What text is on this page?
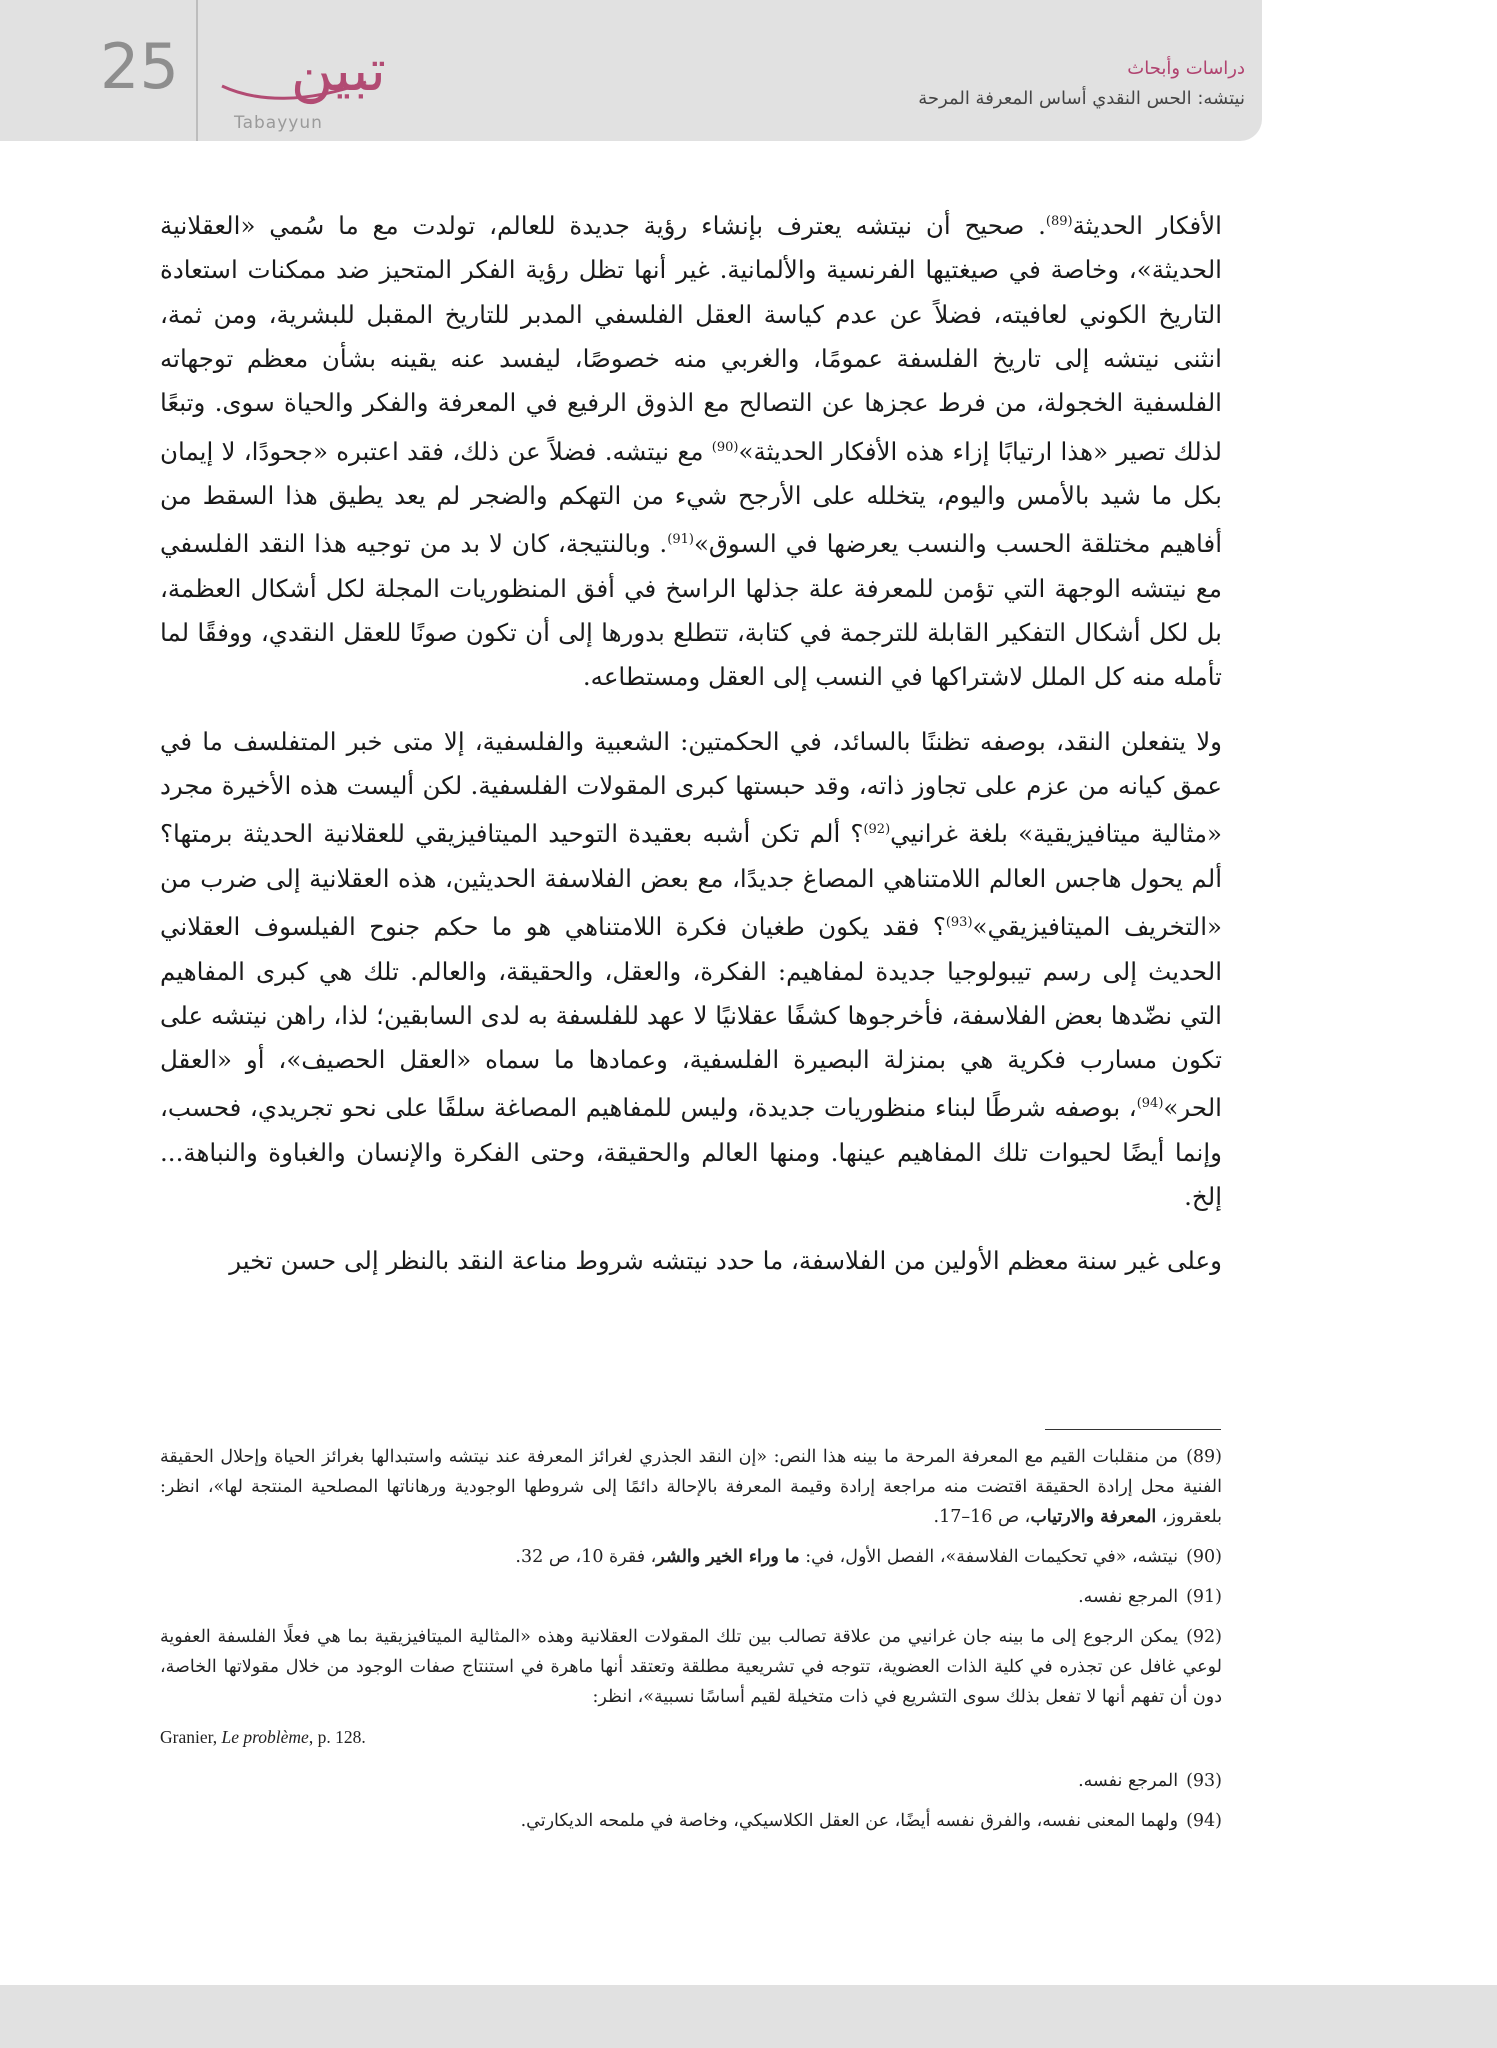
25 تبين
Tabayyun
دراسات وأبحاث
نيتشه: الحس النقدي أساس المعرفة المرحة

الأفكار الحديثة$^{(89)}$. صحيح أن نيتشه يعترف بإنشاء رؤية جديدة للعالم، تولدت مع ما سُمي «العقلانية الحديثة»، وخاصة في صيغتيها الفرنسية والألمانية. غير أنها تظل رؤية الفكر المتحيز ضد ممكنات استعادة التاريخ الكوني لعافيته، فضلاً عن عدم كياسة العقل الفلسفي المدبر للتاريخ المقبل للبشرية، ومن ثمة، انثنى نيتشه إلى تاريخ الفلسفة عمومًا، والغربي منه خصوصًا، ليفسد عنه يقينه بشأن معظم توجهاته الفلسفية الخجولة، من فرط عجزها عن التصالح مع الذوق الرفيع في المعرفة والفكر والحياة سوى. وتبعًا لذلك تصير «هذا ارتيابًا إزاء هذه الأفكار الحديثة»$^{(90)}$ مع نيتشه. فضلاً عن ذلك، فقد اعتبره «جحودًا، لا إيمان بكل ما شيد بالأمس واليوم، يتخلله على الأرجح شيء من التهكم والضجر لم يعد يطيق هذا السقط من أفاهيم مختلقة الحسب والنسب يعرضها في السوق»$^{(91)}$. وبالنتيجة، كان لا بد من توجيه هذا النقد الفلسفي مع نيتشه الوجهة التي تؤمن للمعرفة علة جذلها الراسخ في أفق المنظوريات المجلة لكل أشكال العظمة، بل لكل أشكال التفكير القابلة للترجمة في كتابة، تتطلع بدورها إلى أن تكون صونًا للعقل النقدي، ووفقًا لما تأمله منه كل الملل لاشتراكها في النسب إلى العقل ومستطاعه.

ولا يتفعلن النقد، بوصفه تظننًا بالسائد، في الحكمتين: الشعبية والفلسفية، إلا متى خبر المتفلسف ما في عمق كيانه من عزم على تجاوز ذاته، وقد حبستها كبرى المقولات الفلسفية. لكن أليست هذه الأخيرة مجرد «مثالية ميتافيزيقية» بلغة غرانيي$^{(92)}$؟ ألم تكن أشبه بعقيدة التوحيد الميتافيزيقي للعقلانية الحديثة برمتها؟ ألم يحول هاجس العالم اللامتناهي المصاغ جديدًا، مع بعض الفلاسفة الحديثين، هذه العقلانية إلى ضرب من «التخريف الميتافيزيقي»$^{(93)}$؟ فقد يكون طغيان فكرة اللامتناهي هو ما حكم جنوح الفيلسوف العقلاني الحديث إلى رسم تيبولوجيا جديدة لمفاهيم: الفكرة، والعقل، والحقيقة، والعالم. تلك هي كبرى المفاهيم التي نضّدها بعض الفلاسفة، فأخرجوها كشفًا عقلانيًا لا عهد للفلسفة به لدى السابقين؛ لذا، راهن نيتشه على تكون مسارب فكرية هي بمنزلة البصيرة الفلسفية، وعمادها ما سماه «العقل الحصيف»، أو «العقل الحر»$^{(94)}$، بوصفه شرطًا لبناء منظوريات جديدة، وليس للمفاهيم المصاغة سلفًا على نحو تجريدي، فحسب، وإنما أيضًا لحيوات تلك المفاهيم عينها. ومنها العالم والحقيقة، وحتى الفكرة والإنسان والغباوة والنباهة... إلخ.

وعلى غير سنة معظم الأولين من الفلاسفة، ما حدد نيتشه شروط مناعة النقد بالنظر إلى حسن تخير

(89)من منقلبات القيم مع المعرفة المرحة ما بينه هذا النص: «إن النقد الجذري لغرائز المعرفة عند نيتشه واستبدالها بغرائز الحياة وإحلال الحقيقة الفنية محل إرادة الحقيقة اقتضت منه مراجعة إرادة وقيمة المعرفة بالإحالة دائمًا إلى شروطها الوجودية ورهاناتها المصلحية المنتجة لها»، انظر: بلعقروز، المعرفة والارتياب، ص 16–17.

(90)نيتشه، «في تحكيمات الفلاسفة»، الفصل الأول، في: ما وراء الخير والشر، فقرة 10، ص 32.

(91)المرجع نفسه.

(92)يمكن الرجوع إلى ما بينه جان غرانيي من علاقة تصالب بين تلك المقولات العقلانية وهذه «المثالية الميتافيزيقية بما هي فعلًا الفلسفة العفوية لوعي غافل عن تجذره في كلية الذات العضوية، تتوجه في تشريعية مطلقة وتعتقد أنها ماهرة في استنتاج صفات الوجود من خلال مقولاتها الخاصة، دون أن تفهم أنها لا تفعل بذلك سوى التشريع في ذات متخيلة لقيم أساسًا نسبية»، انظر:

Granier, Le problème, p. 128.

(93)المرجع نفسه.

(94)ولهما المعنى نفسه، والفرق نفسه أيضًا، عن العقل الكلاسيكي، وخاصة في ملمحه الديكارتي.
